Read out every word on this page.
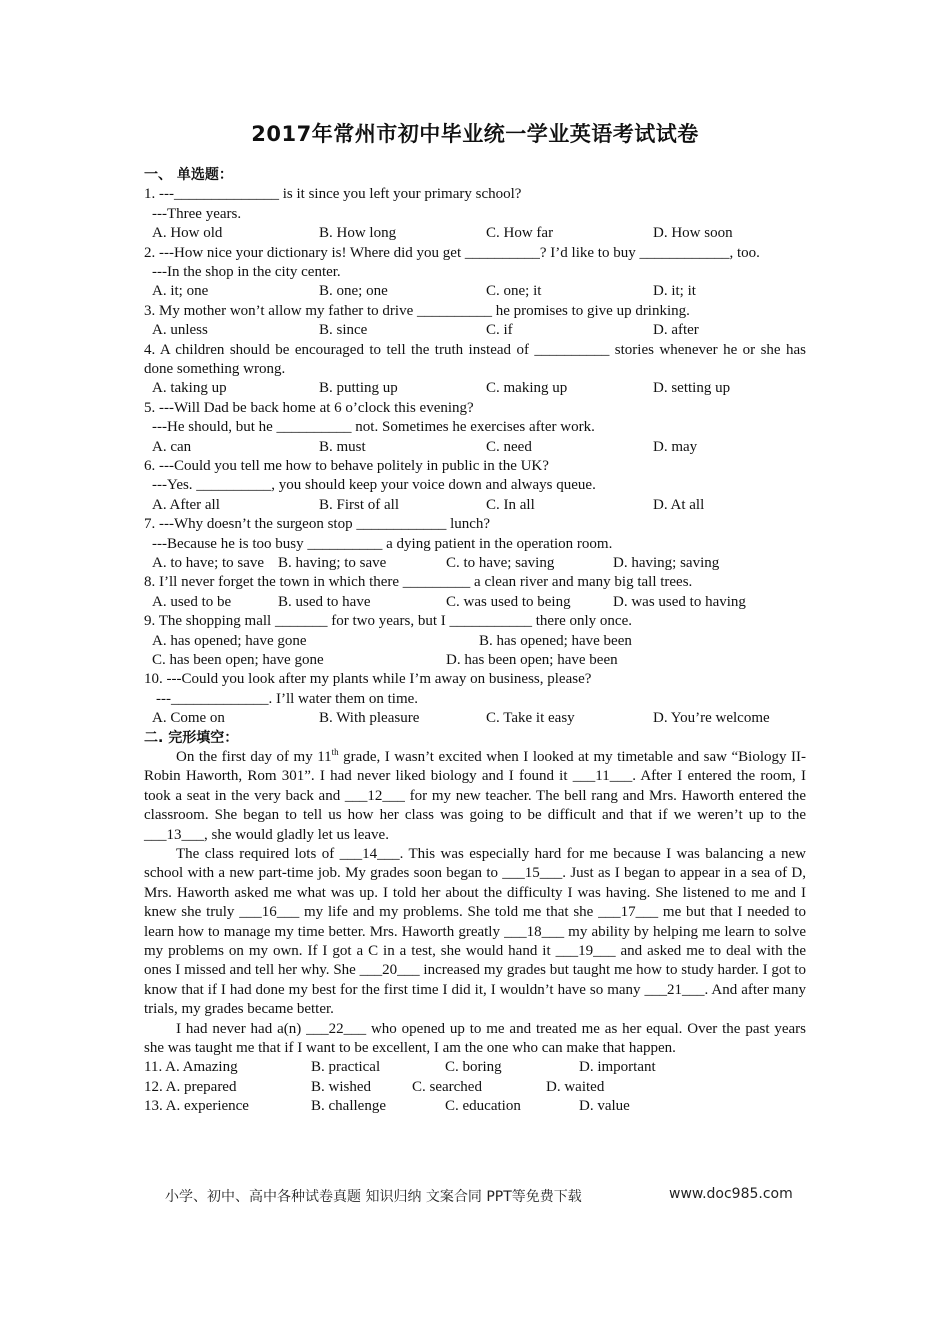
2017年常州市初中毕业统一学业英语考试试卷
一、 单选题：
1. ---______________ is it since you left your primary school?
---Three years.
A. How old	B. How long	C. How far	D. How soon
2. ---How nice your dictionary is! Where did you get __________? I’d like to buy ____________, too.
---In the shop in the city center.
A. it; one	B. one; one	C. one; it	D. it; it
3. My mother won’t allow my father to drive __________ he promises to give up drinking.
A. unless	B. since	C. if	D. after
4. A children should be encouraged to tell the truth instead of __________ stories whenever he or she has done something wrong.
A. taking up	B. putting up	C. making up	D. setting up
5. ---Will Dad be back home at 6 o’clock this evening?
---He should, but he __________ not. Sometimes he exercises after work.
A. can	B. must	C. need	D. may
6. ---Could you tell me how to behave politely in public in the UK?
---Yes. __________, you should keep your voice down and always queue.
A. After all	B. First of all	C. In all	D. At all
7. ---Why doesn’t the surgeon stop ____________ lunch?
---Because he is too busy __________ a dying patient in the operation room.
A. to have; to save B. having; to save	C. to have; saving	D. having; saving
8. I’ll never forget the town in which there _________ a clean river and many big tall trees.
A. used to be	B. used to have	C. was used to being	D. was used to having
9. The shopping mall _______ for two years, but I ___________ there only once.
A. has opened; have gone	B. has opened; have been
C. has been open; have gone	D. has been open; have been
10. ---Could you look after my plants while I’m away on business, please?
---_____________. I’ll water them on time.
A. Come on	B. With pleasure	C. Take it easy	D. You’re welcome
二. 完形填空：

On the first day of my 11th grade, I wasn’t excited when I looked at my timetable and saw “Biology II-Robin Haworth, Rom 301”. I had never liked biology and I found it ___11___. After I entered the room, I took a seat in the very back and ___12___ for my new teacher. The bell rang and Mrs. Haworth entered the classroom. She began to tell us how her class was going to be difficult and that if we weren’t up to the ___13___, she would gladly let us leave.

The class required lots of ___14___. This was especially hard for me because I was balancing a new school with a new part-time job. My grades soon began to ___15___. Just as I began to appear in a sea of D, Mrs. Haworth asked me what was up. I told her about the difficulty I was having. She listened to me and I knew she truly ___16___ my life and my problems. She told me that she ___17___ me but that I needed to learn how to manage my time better. Mrs. Haworth greatly ___18___ my ability by helping me learn to solve my problems on my own. If I got a C in a test, she would hand it ___19___ and asked me to deal with the ones I missed and tell her why. She ___20___ increased my grades but taught me how to study harder. I got to know that if I had done my best for the first time I did it, I wouldn’t have so many ___21___. And after many trials, my grades became better.

I had never had a(n) ___22___ who opened up to me and treated me as her equal. Over the past years she was taught me that if I want to be excellent, I am the one who can make that happen.

11. A. Amazing	B. practical	C. boring	D. important
12. A. prepared	B. wished	C. searched	D. waited
13. A. experience	B. challenge	C. education	D. value
小学、初中、高中各种试卷真题 知识归纳 文案合同 PPT等免费下载	www.doc985.com
